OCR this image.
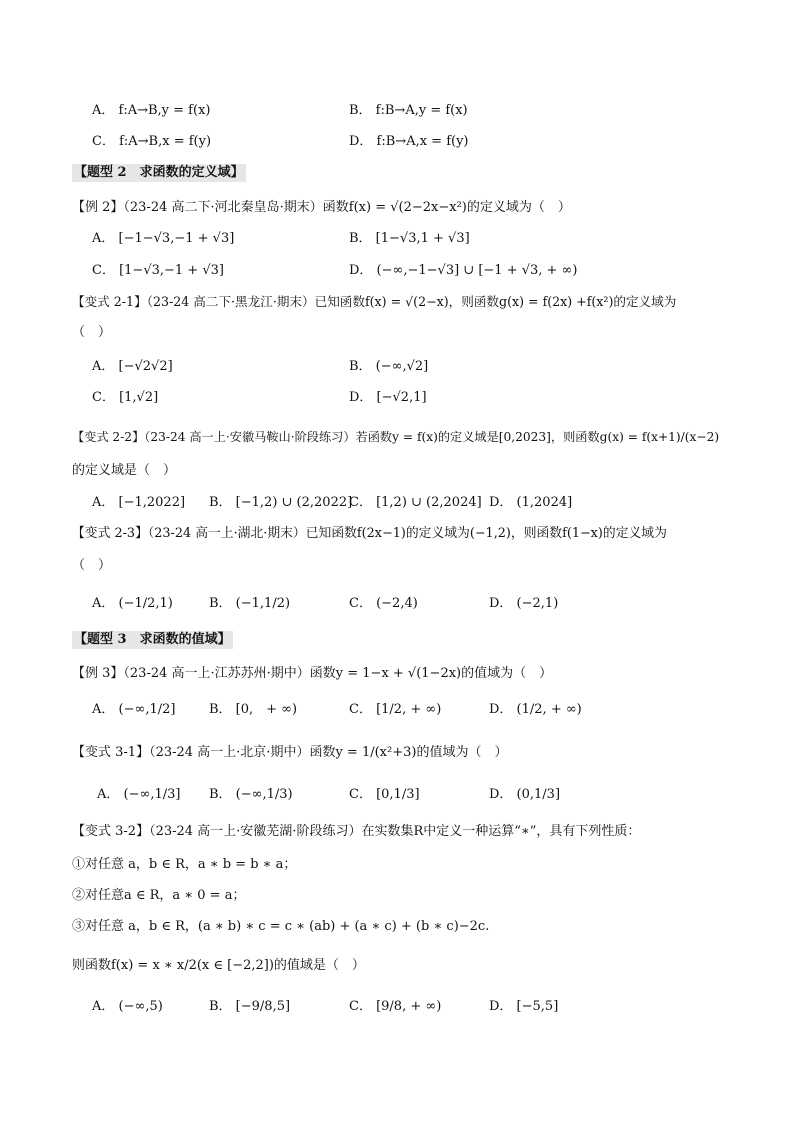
A． f:A→B,y = f(x)	B． f:B→A,y = f(x)
C． f:A→B,x = f(y)	D． f:B→A,x = f(y)
【题型 2　求函数的定义域】
【例 2】（23-24 高二下·河北秦皇岛·期末）函数f(x) = √(2−2x−x²)的定义域为（　）
A． [−1−√3,−1 + √3]	B． [1−√3,1 + √3]
C． [1−√3,−1 + √3]	D． (−∞,−1−√3] ∪ [−1 + √3, + ∞)
【变式 2-1】（23-24 高二下·黑龙江·期末）已知函数f(x) = √(2−x)，则函数g(x) = f(2x) +f(x²)的定义域为
（　）
A． [−√2√2]	B． (−∞,√2]
C． [1,√2]	D． [−√2,1]
【变式 2-2】（23-24 高一上·安徽马鞍山·阶段练习）若函数y = f(x)的定义域是[0,2023]，则函数g(x) = f(x+1)/(x−2)
的定义域是（　）
A． [−1,2022] B． [−1,2) ∪ (2,2022]
C． [1,2) ∪ (2,2024] D． (1,2024]
【变式 2-3】（23-24 高一上·湖北·期末）已知函数f(2x−1)的定义域为(−1,2)，则函数f(1−x)的定义域为
（　）
A． (−1/2,1)	B． (−1,1/2)	C． (−2,4)	D． (−2,1)
【题型 3　求函数的值域】
【例 3】（23-24 高一上·江苏苏州·期中）函数y = 1−x + √(1−2x)的值域为（　）
A． (−∞,1/2]	B． [0,　+ ∞)	C． [1/2, + ∞)	D． (1/2, + ∞)
【变式 3-1】（23-24 高一上·北京·期中）函数y = 1/(x²+3)的值域为（　）
A． (−∞,1/3] B． (−∞,1/3)	C． [0,1/3]	D． (0,1/3]
【变式 3-2】（23-24 高一上·安徽芜湖·阶段练习）在实数集R中定义一种运算“∗”，具有下列性质：
①对任意 a，b ∈ R，a ∗ b = b ∗ a；
②对任意a ∈ R，a ∗ 0 = a；
③对任意 a，b ∈ R，(a ∗ b) ∗ c = c ∗ (ab) + (a ∗ c) + (b ∗ c)−2c.
则函数f(x) = x ∗ x/2(x ∈ [−2,2])的值域是（　）
A． (−∞,5)	B． [−9/8,5]	C． [9/8, + ∞)	D． [−5,5]
